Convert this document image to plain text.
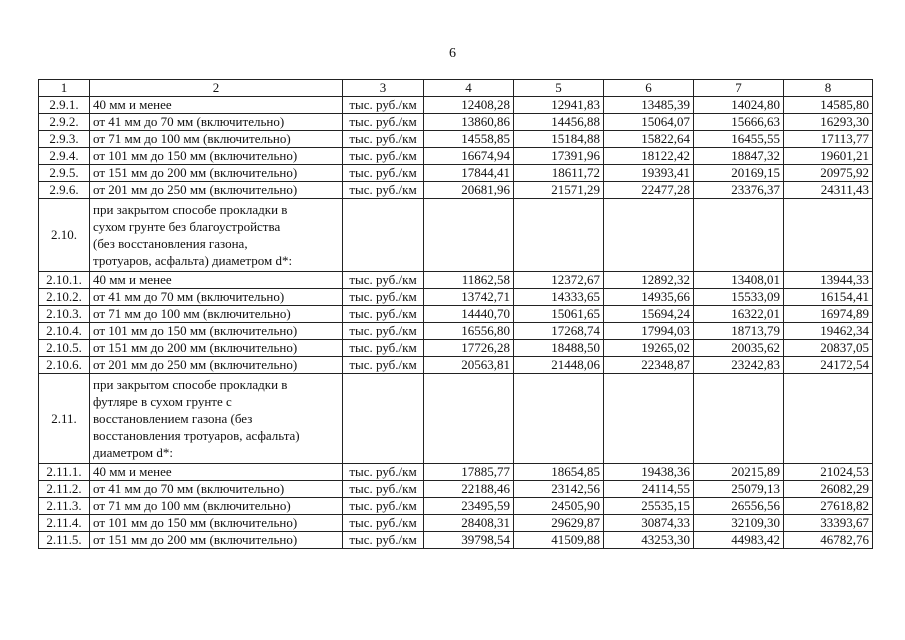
6
1	2	3	4	5	6	7	8
2.9.1.	40 мм и менее	тыс. руб./км	12408,28	12941,83	13485,39	14024,80	14585,80
2.9.2.	от 41 мм до 70 мм (включительно)	тыс. руб./км	13860,86	14456,88	15064,07	15666,63	16293,30
2.9.3.	от 71 мм до 100 мм (включительно)	тыс. руб./км	14558,85	15184,88	15822,64	16455,55	17113,77
2.9.4.	от 101 мм до 150 мм (включительно)	тыс. руб./км	16674,94	17391,96	18122,42	18847,32	19601,21
2.9.5.	от 151 мм до 200 мм (включительно)	тыс. руб./км	17844,41	18611,72	19393,41	20169,15	20975,92
2.9.6.	от 201 мм до 250 мм (включительно)	тыс. руб./км	20681,96	21571,29	22477,28	23376,37	24311,43
2.10.	при закрытом способе прокладки в
сухом грунте без благоустройства
(без восстановления газона,
тротуаров, асфальта) диаметром d*:						

2.10.1.	40 мм и менее	тыс. руб./км	11862,58	12372,67	12892,32	13408,01	13944,33
2.10.2.	от 41 мм до 70 мм (включительно)	тыс. руб./км	13742,71	14333,65	14935,66	15533,09	16154,41
2.10.3.	от 71 мм до 100 мм (включительно)	тыс. руб./км	14440,70	15061,65	15694,24	16322,01	16974,89
2.10.4.	от 101 мм до 150 мм (включительно)	тыс. руб./км	16556,80	17268,74	17994,03	18713,79	19462,34
2.10.5.	от 151 мм до 200 мм (включительно)	тыс. руб./км	17726,28	18488,50	19265,02	20035,62	20837,05
2.10.6.	от 201 мм до 250 мм (включительно)	тыс. руб./км	20563,81	21448,06	22348,87	23242,83	24172,54
2.11.	при закрытом способе прокладки в
футляре в сухом грунте с
восстановлением газона (без
восстановления тротуаров, асфальта)
диаметром d*:						

2.11.1.	40 мм и менее	тыс. руб./км	17885,77	18654,85	19438,36	20215,89	21024,53
2.11.2.	от 41 мм до 70 мм (включительно)	тыс. руб./км	22188,46	23142,56	24114,55	25079,13	26082,29
2.11.3.	от 71 мм до 100 мм (включительно)	тыс. руб./км	23495,59	24505,90	25535,15	26556,56	27618,82
2.11.4.	от 101 мм до 150 мм (включительно)	тыс. руб./км	28408,31	29629,87	30874,33	32109,30	33393,67
2.11.5.	от 151 мм до 200 мм (включительно)	тыс. руб./км	39798,54	41509,88	43253,30	44983,42	46782,76
